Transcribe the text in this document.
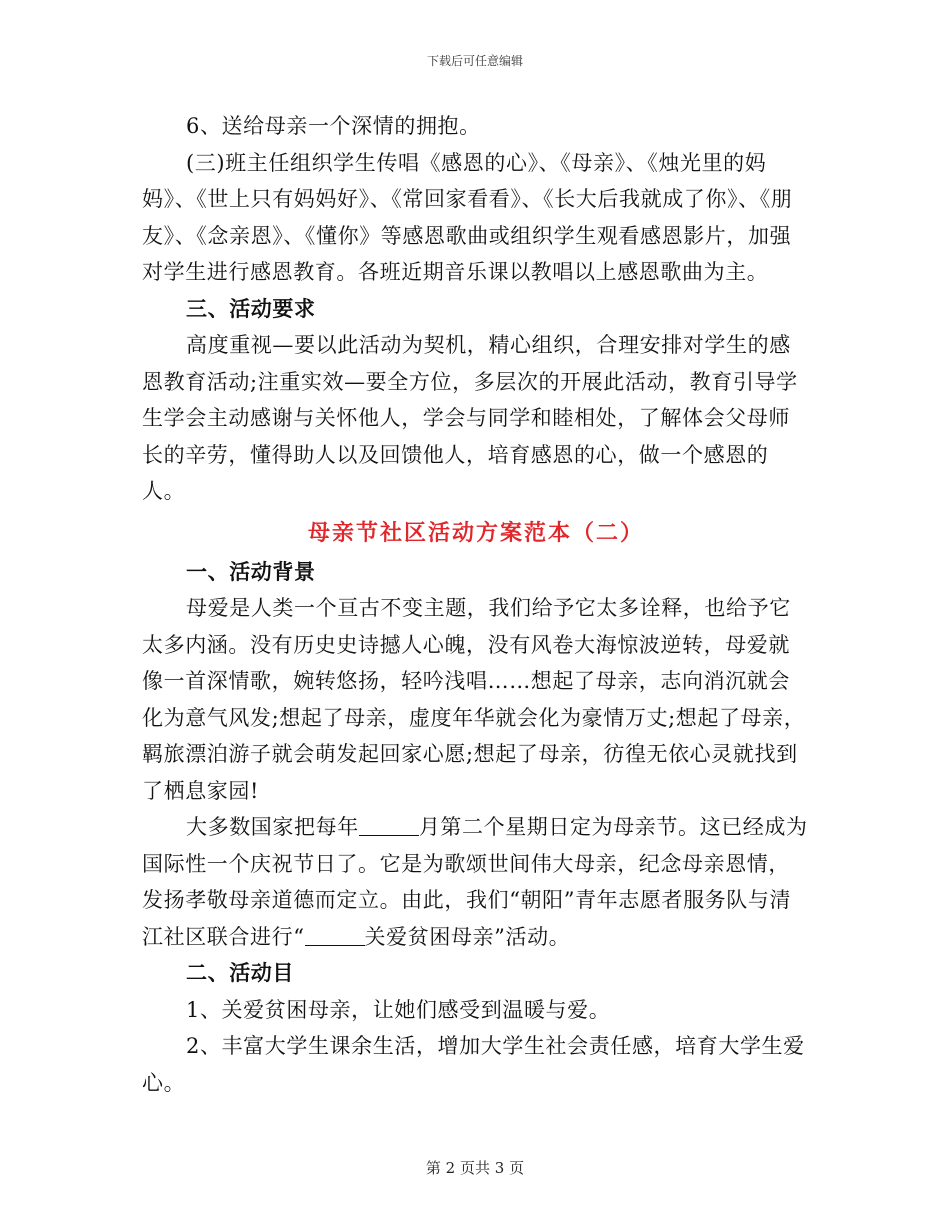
下载后可任意编辑

6、送给母亲一个深情的拥抱。

(三)班主任组织学生传唱《感恩的心》、《母亲》、《烛光里的妈妈》、《世上只有妈妈好》、《常回家看看》、《长大后我就成了你》、《朋友》、《念亲恩》、《懂你》等感恩歌曲或组织学生观看感恩影片，加强对学生进行感恩教育。各班近期音乐课以教唱以上感恩歌曲为主。

三、活动要求

高度重视—要以此活动为契机，精心组织，合理安排对学生的感恩教育活动;注重实效—要全方位，多层次的开展此活动，教育引导学生学会主动感谢与关怀他人，学会与同学和睦相处，了解体会父母师长的辛劳，懂得助人以及回馈他人，培育感恩的心，做一个感恩的人。

母亲节社区活动方案范本（二）

一、活动背景

母爱是人类一个亘古不变主题，我们给予它太多诠释，也给予它太多内涵。没有历史史诗撼人心魄，没有风卷大海惊波逆转，母爱就像一首深情歌，婉转悠扬，轻吟浅唱……想起了母亲，志向消沉就会化为意气风发;想起了母亲，虚度年华就会化为豪情万丈;想起了母亲，羁旅漂泊游子就会萌发起回家心愿;想起了母亲，彷徨无依心灵就找到了栖息家园!

大多数国家把每年	月第二个星期日定为母亲节。这已经成为国际性一个庆祝节日了。它是为歌颂世间伟大母亲，纪念母亲恩情，发扬孝敬母亲道德而定立。由此，我们“朝阳”青年志愿者服务队与清江社区联合进行“	关爱贫困母亲”活动。

二、活动目

1、关爱贫困母亲，让她们感受到温暖与爱。

2、丰富大学生课余生活，增加大学生社会责任感，培育大学生爱心。

第 2 页共 3 页
